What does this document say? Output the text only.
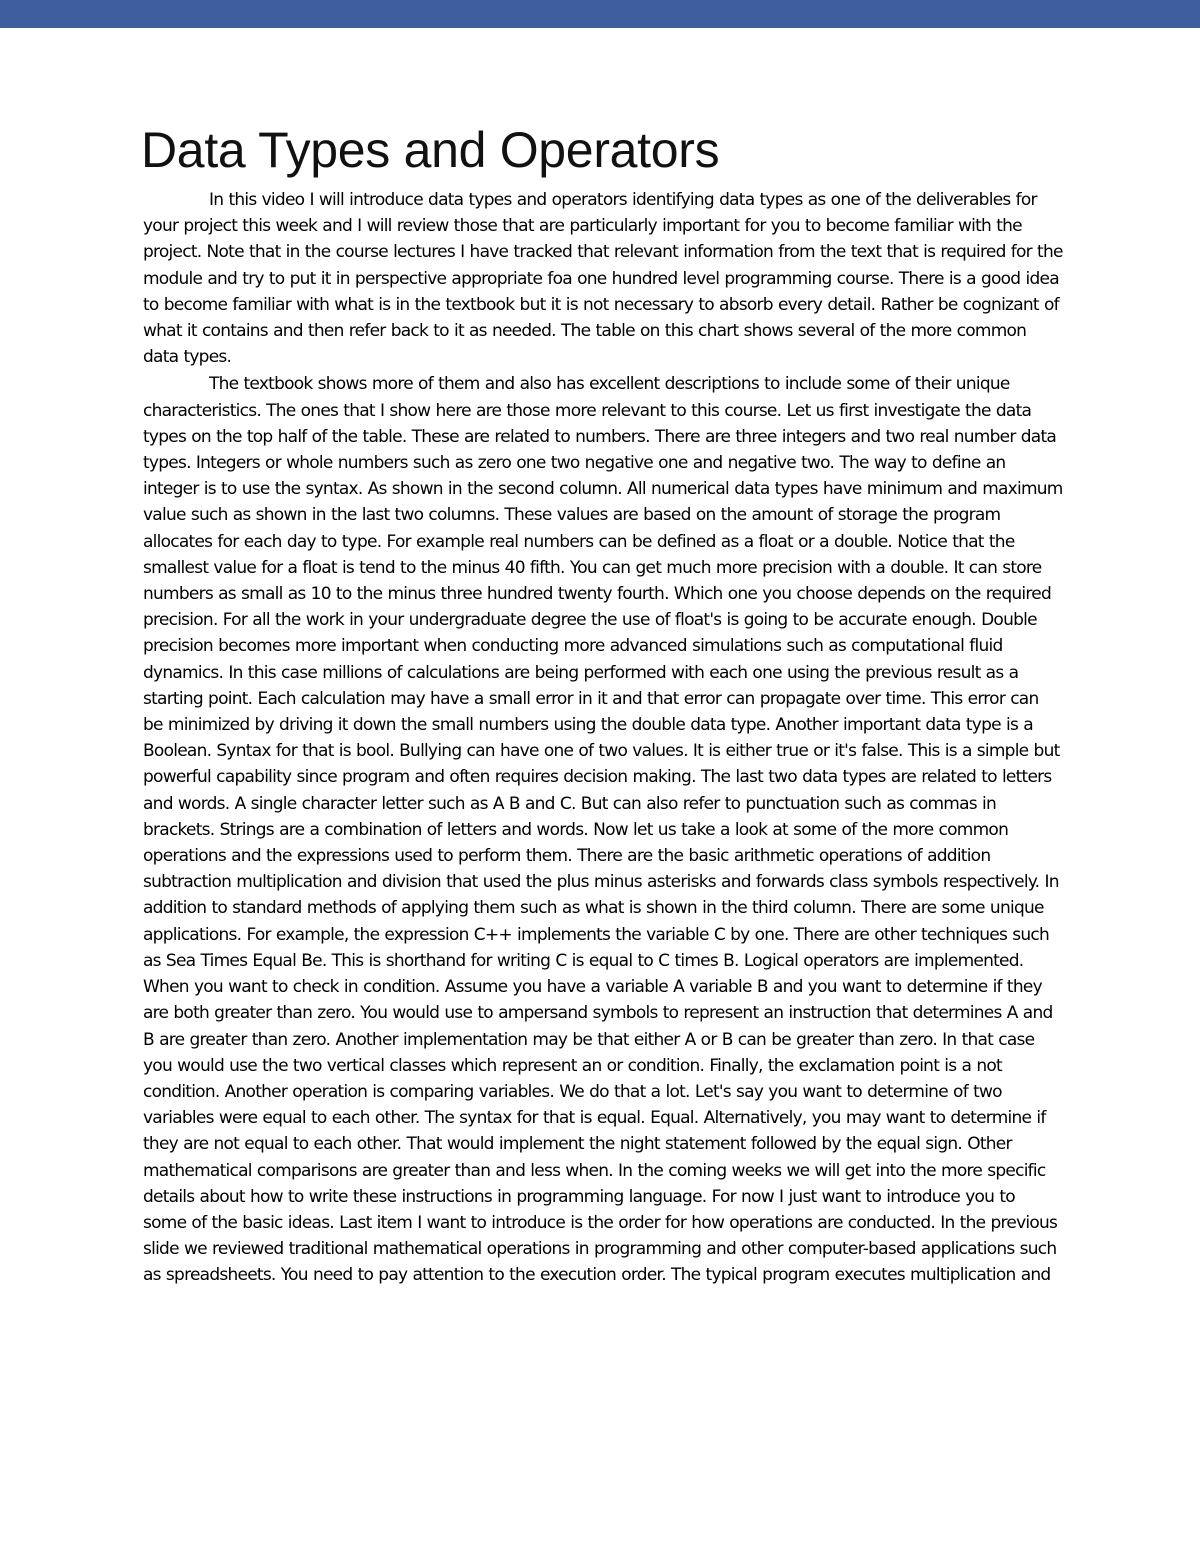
Data Types and Operators

In this video I will introduce data types and operators identifying data types as one of the deliverables for your project this week and I will review those that are particularly important for you to become familiar with the project. Note that in the course lectures I have tracked that relevant information from the text that is required for the module and try to put it in perspective appropriate foa one hundred level programming course. There is a good idea to become familiar with what is in the textbook but it is not necessary to absorb every detail. Rather be cognizant of what it contains and then refer back to it as needed. The table on this chart shows several of the more common data types.

The textbook shows more of them and also has excellent descriptions to include some of their unique characteristics. The ones that I show here are those more relevant to this course. Let us first investigate the data types on the top half of the table. These are related to numbers. There are three integers and two real number data types. Integers or whole numbers such as zero one two negative one and negative two. The way to define an integer is to use the syntax. As shown in the second column. All numerical data types have minimum and maximum value such as shown in the last two columns. These values are based on the amount of storage the program allocates for each day to type. For example real numbers can be defined as a float or a double. Notice that the smallest value for a float is tend to the minus 40 fifth. You can get much more precision with a double. It can store numbers as small as 10 to the minus three hundred twenty fourth. Which one you choose depends on the required precision. For all the work in your undergraduate degree the use of float's is going to be accurate enough. Double precision becomes more important when conducting more advanced simulations such as computational fluid dynamics. In this case millions of calculations are being performed with each one using the previous result as a starting point. Each calculation may have a small error in it and that error can propagate over time. This error can be minimized by driving it down the small numbers using the double data type. Another important data type is a Boolean. Syntax for that is bool. Bullying can have one of two values. It is either true or it's false. This is a simple but powerful capability since program and often requires decision making. The last two data types are related to letters and words. A single character letter such as A B and C. But can also refer to punctuation such as commas in brackets. Strings are a combination of letters and words. Now let us take a look at some of the more common operations and the expressions used to perform them. There are the basic arithmetic operations of addition subtraction multiplication and division that used the plus minus asterisks and forwards class symbols respectively. In addition to standard methods of applying them such as what is shown in the third column. There are some unique applications. For example, the expression C++ implements the variable C by one. There are other techniques such as Sea Times Equal Be. This is shorthand for writing C is equal to C times B. Logical operators are implemented. When you want to check in condition. Assume you have a variable A variable B and you want to determine if they are both greater than zero. You would use to ampersand symbols to represent an instruction that determines A and B are greater than zero. Another implementation may be that either A or B can be greater than zero. In that case you would use the two vertical classes which represent an or condition. Finally, the exclamation point is a not condition. Another operation is comparing variables. We do that a lot. Let's say you want to determine of two variables were equal to each other. The syntax for that is equal. Equal. Alternatively, you may want to determine if they are not equal to each other. That would implement the night statement followed by the equal sign. Other mathematical comparisons are greater than and less when. In the coming weeks we will get into the more specific details about how to write these instructions in programming language. For now I just want to introduce you to some of the basic ideas. Last item I want to introduce is the order for how operations are conducted. In the previous slide we reviewed traditional mathematical operations in programming and other computer-based applications such as spreadsheets. You need to pay attention to the execution order. The typical program executes multiplication and
